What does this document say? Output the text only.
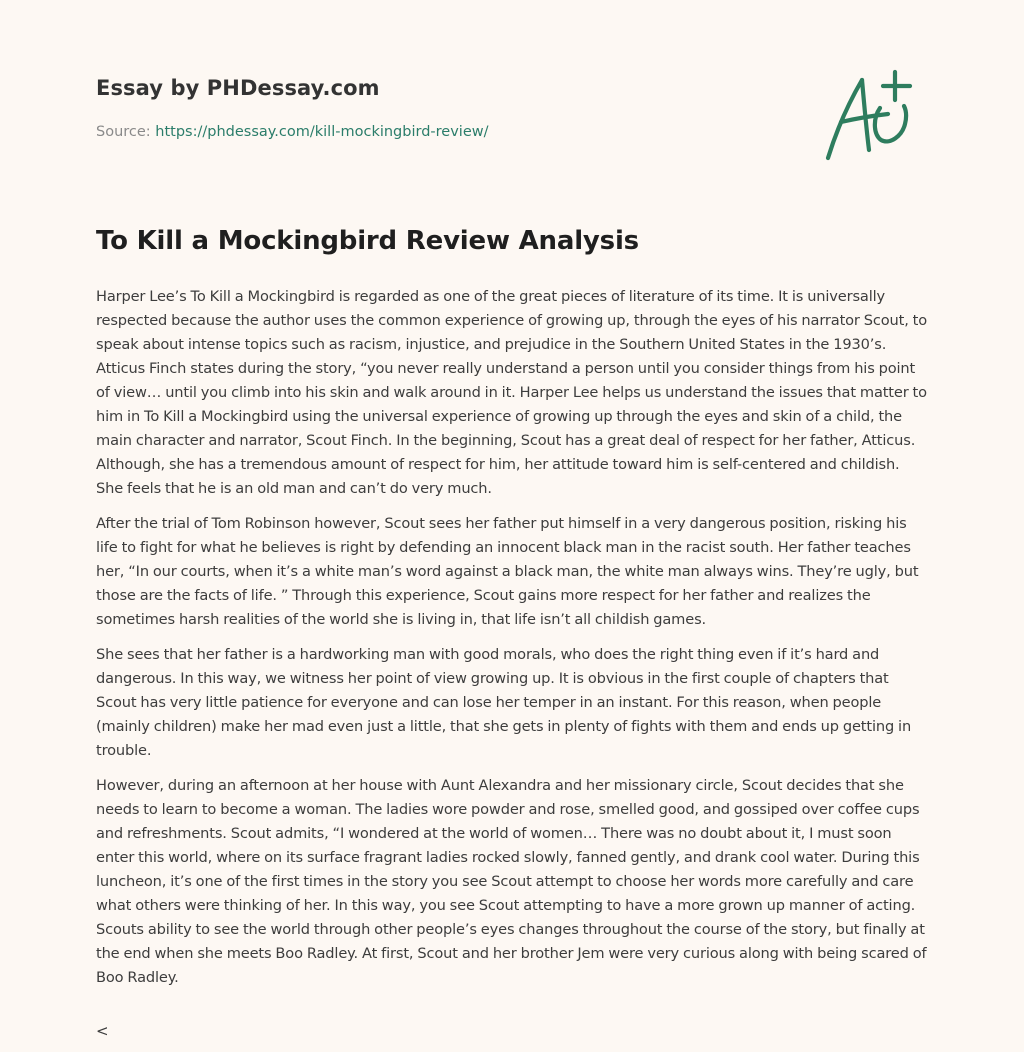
Essay by PHDessay.com
Source: https://phdessay.com/kill-mockingbird-review/
To Kill a Mockingbird Review Analysis

Harper Lee’s To Kill a Mockingbird is regarded as one of the great pieces of literature of its time. It is universally respected because the author uses the common experience of growing up, through the eyes of his narrator Scout, to speak about intense topics such as racism, injustice, and prejudice in the Southern United States in the 1930’s. Atticus Finch states during the story, “you never really understand a person until you consider things from his point of view… until you climb into his skin and walk around in it. Harper Lee helps us understand the issues that matter to him in To Kill a Mockingbird using the universal experience of growing up through the eyes and skin of a child, the main character and narrator, Scout Finch. In the beginning, Scout has a great deal of respect for her father, Atticus. Although, she has a tremendous amount of respect for him, her attitude toward him is self-centered and childish. She feels that he is an old man and can’t do very much.

After the trial of Tom Robinson however, Scout sees her father put himself in a very dangerous position, risking his life to fight for what he believes is right by defending an innocent black man in the racist south. Her father teaches her, “In our courts, when it’s a white man’s word against a black man, the white man always wins. They’re ugly, but those are the facts of life. ” Through this experience, Scout gains more respect for her father and realizes the sometimes harsh realities of the world she is living in, that life isn’t all childish games.

She sees that her father is a hardworking man with good morals, who does the right thing even if it’s hard and dangerous. In this way, we witness her point of view growing up. It is obvious in the first couple of chapters that Scout has very little patience for everyone and can lose her temper in an instant. For this reason, when people (mainly children) make her mad even just a little, that she gets in plenty of fights with them and ends up getting in trouble.

However, during an afternoon at her house with Aunt Alexandra and her missionary circle, Scout decides that she needs to learn to become a woman. The ladies wore powder and rose, smelled good, and gossiped over coffee cups and refreshments. Scout admits, “I wondered at the world of women… There was no doubt about it, I must soon enter this world, where on its surface fragrant ladies rocked slowly, fanned gently, and drank cool water. During this luncheon, it’s one of the first times in the story you see Scout attempt to choose her words more carefully and care what others were thinking of her. In this way, you see Scout attempting to have a more grown up manner of acting. Scouts ability to see the world through other people’s eyes changes throughout the course of the story, but finally at the end when she meets Boo Radley. At first, Scout and her brother Jem were very curious along with being scared of Boo Radley.

<
